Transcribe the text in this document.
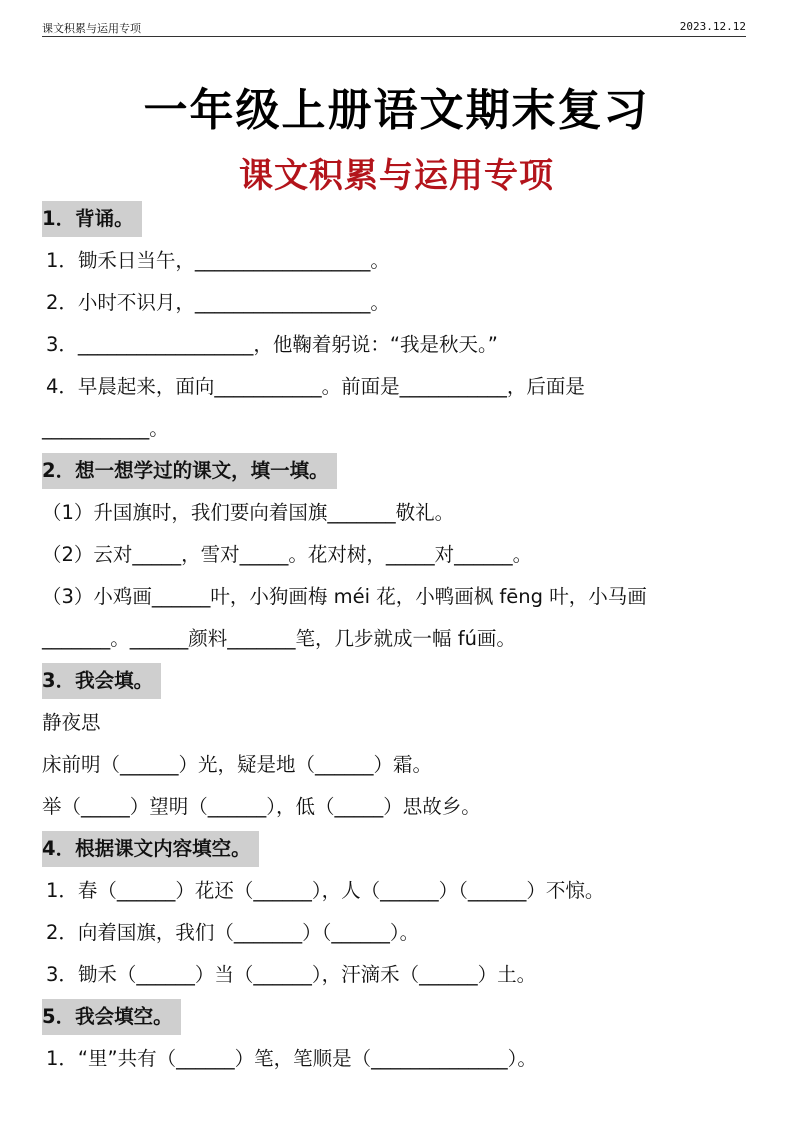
课文积累与运用专项	2023.12.12
一年级上册语文期末复习
课文积累与运用专项
1．背诵。
1．锄禾日当午，__________________。
2．小时不识月，__________________。
3．__________________，他鞠着躬说：“我是秋天。”
4．早晨起来，面向___________。前面是___________，后面是
___________。
2．想一想学过的课文，填一填。
（1）升国旗时，我们要向着国旗_______敬礼。
（2）云对_____，雪对_____。花对树，_____对______。
（3）小鸡画______叶，小狗画梅 méi 花，小鸭画枫 fēng 叶，小马画
_______。______颜料_______笔，几步就成一幅 fú画。
3．我会填。
静夜思
床前明（______）光，疑是地（______）霜。
举（_____）望明（______），低（_____）思故乡。
4．根据课文内容填空。
1．春（______）花还（______），人（______）（______）不惊。
2．向着国旗，我们（_______）（______）。
3．锄禾（______）当（______），汗滴禾（______）土。
5．我会填空。
1．“里”共有（______）笔，笔顺是（______________）。
